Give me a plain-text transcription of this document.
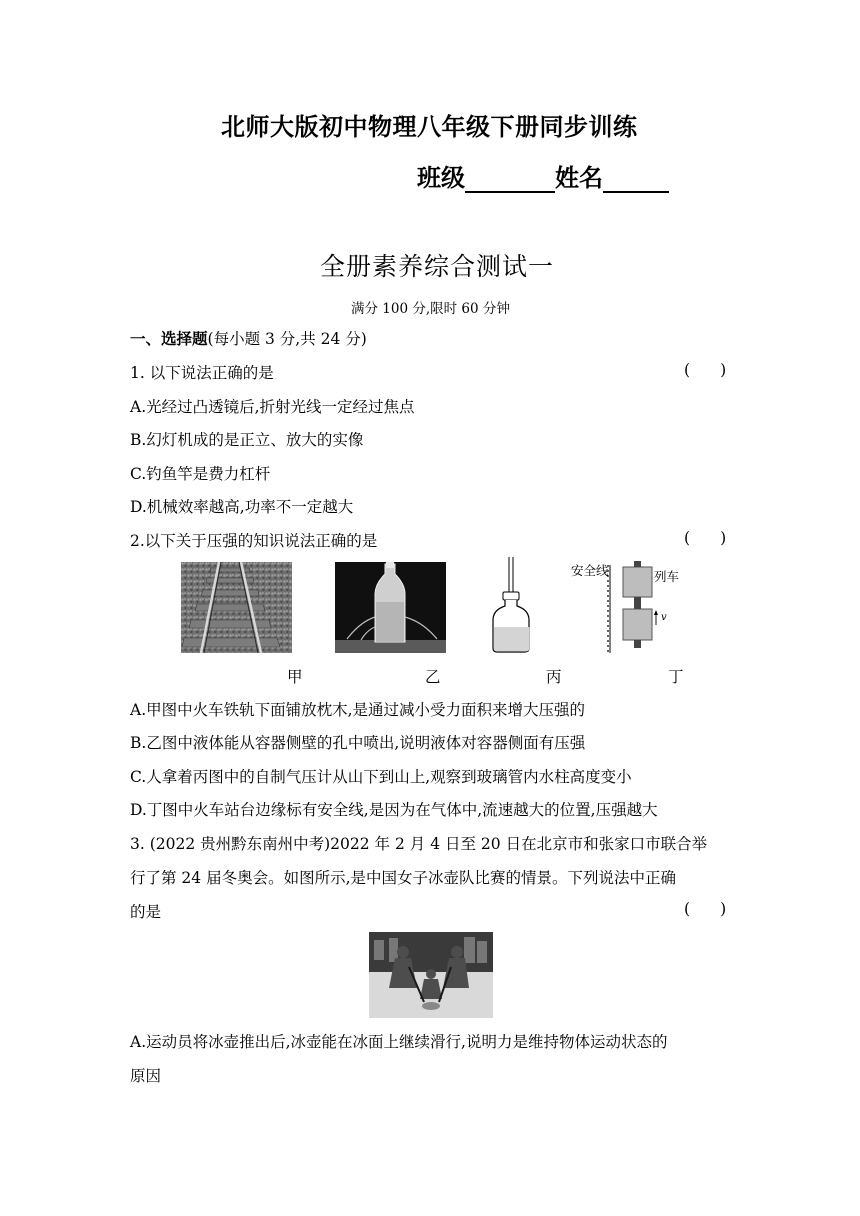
北师大版初中物理八年级下册同步训练
班级	姓名
全册素养综合测试一
满分 100 分,限时 60 分钟
一、选择题(每小题 3 分,共 24 分)
1. 以下说法正确的是	( )
A.光经过凸透镜后,折射光线一定经过焦点
B.幻灯机成的是正立、放大的实像
C.钓鱼竿是费力杠杆
D.机械效率越高,功率不一定越大
2.以下关于压强的知识说法正确的是	( )
v
安全线	列车
甲	乙	丙	丁
A.甲图中火车铁轨下面铺放枕木,是通过减小受力面积来增大压强的
B.乙图中液体能从容器侧壁的孔中喷出,说明液体对容器侧面有压强
C.人拿着丙图中的自制气压计从山下到山上,观察到玻璃管内水柱高度变小
D.丁图中火车站台边缘标有安全线,是因为在气体中,流速越大的位置,压强越大
3. (2022 贵州黔东南州中考)2022 年 2 月 4 日至 20 日在北京市和张家口市联合举
行了第 24 届冬奥会。如图所示,是中国女子冰壶队比赛的情景。下列说法中正确
的是	( )
A.运动员将冰壶推出后,冰壶能在冰面上继续滑行,说明力是维持物体运动状态的
原因
